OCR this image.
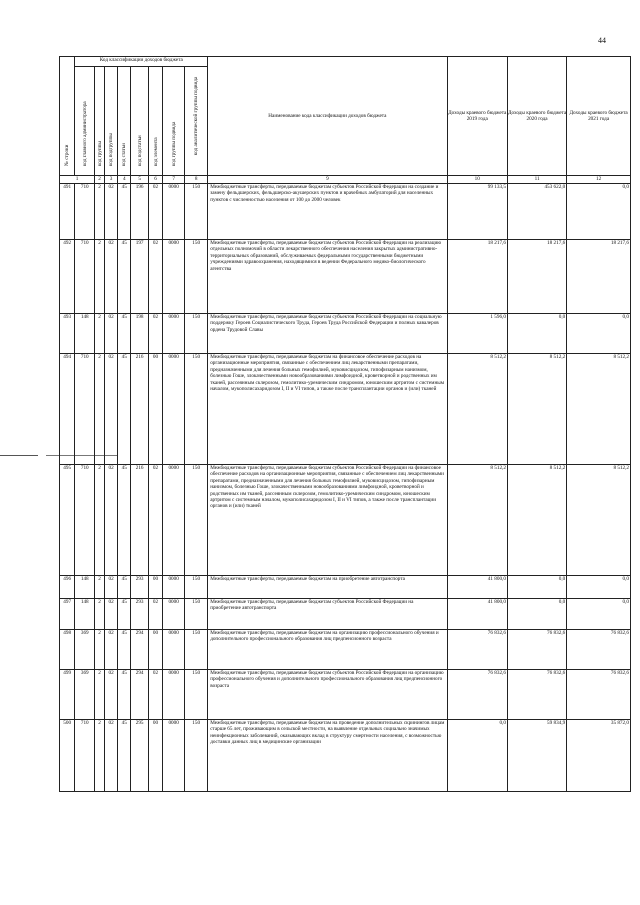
44
№ строки	Код классификации доходов бюджета								Наименование кода классификации доходов бюджета	Доходы краевого бюджета 2019 года	Доходы краевого бюджета 2020 года	Доходы краевого бюджета 2021 года

	код главного администратора	код группы	код подгруппы	код статьи	код подстатьи	код элемента	код группы подвида	код аналитической группы подвида				

1		2	3	4	5	6	7	8	9	10	11	12
491	710	2	02	45	196	02	0000	150	Межбюджетные трансферты, передаваемые бюджетам субъектов Российской Федерации на создание и замену фельдшерских, фельдшерско-акушерских пунктов и врачебных амбулаторий для населенных пунктов с численностью населения от 100 до 2000 человек	99 133,5	453 622,0	0,0
492	710	2	02	45	197	02	0000	150	Межбюджетные трансферты, передаваемые бюджетам субъектов Российской Федерации на реализацию отдельных полномочий в области лекарственного обеспечения населения закрытых административно-территориальных образований, обслуживаемых федеральными государственными бюджетными учреждениями здравоохранения, находящимися в ведении Федерального медико-биологического агентства	18 217,6	18 217,6	18 217,6
493	148	2	02	45	198	02	0000	150	Межбюджетные трансферты, передаваемые бюджетам субъектов Российской Федерации на социальную поддержку Героев Социалистического Труда, Героев Труда Российской Федерации и полных кавалеров ордена Трудовой Славы	1 596,0	0,0	0,0
494	710	2	02	45	216	00	0000	150	Межбюджетные трансферты, передаваемые бюджетам на финансовое обеспечение расходов на организационные мероприятия, связанные с обеспечением лиц лекарственными препаратами, предназначенными для лечения больных гемофилией, муковисцидозом, гипофизарным нанизмом, болезнью Гоше, злокачественными новообразованиями лимфоидной, кроветворной и родственных им тканей, рассеянным склерозом, гемолитико-уремическим синдромом, юношеским артритом с системным началом, мукополисахаридозом I, II и VI типов, а также после трансплантации органов и (или) тканей	8 512,2	8 512,2	8 512,2
495	710	2	02	45	216	02	0000	150	Межбюджетные трансферты, передаваемые бюджетам субъектов Российской Федерации на финансовое обеспечение расходов на организационные мероприятия, связанные с обеспечением лиц лекарственными препаратами, предназначенными для лечения больных гемофилией, муковисцидозом, гипофизарным нанизмом, болезнью Гоше, злокачественными новообразованиями лимфоидной, кроветворной и родственных им тканей, рассеянным склерозом, гемолитико-уремическим синдромом, юношеским артритом с системным началом, мукополисахаридозом I, II и VI типов, а также после трансплантации органов и (или) тканей	8 512,2	8 512,2	8 512,2
496	148	2	02	45	293	00	0000	150	Межбюджетные трансферты, передаваемые бюджетам на приобретение автотранспорта	41 800,0	0,0	0,0
497	148	2	02	45	293	02	0000	150	Межбюджетные трансферты, передаваемые бюджетам субъектов Российской Федерации на приобретение автотранспорта	41 800,0	0,0	0,0
498	369	2	02	45	294	00	0000	150	Межбюджетные трансферты, передаваемые бюджетам на организацию профессионального обучения и дополнительного профессионального образования лиц предпенсионного возраста	76 832,6	76 832,6	76 832,6
499	369	2	02	45	294	02	0000	150	Межбюджетные трансферты, передаваемые бюджетам субъектов Российской Федерации на организацию профессионального обучения и дополнительного профессионального образования лиц предпенсионного возраста	76 832,6	76 832,6	76 832,6
500	710	2	02	45	295	00	0000	150	Межбюджетные трансферты, передаваемые бюджетам на проведение дополнительных скринингов лицам старше 65 лет, проживающим в сельской местности, на выявление отдельных социально значимых неинфекционных заболеваний, оказывающих вклад в структуру смертности населения, с возможностью доставки данных лиц в медицинские организации	0,0	59 834,9	35 872,0
